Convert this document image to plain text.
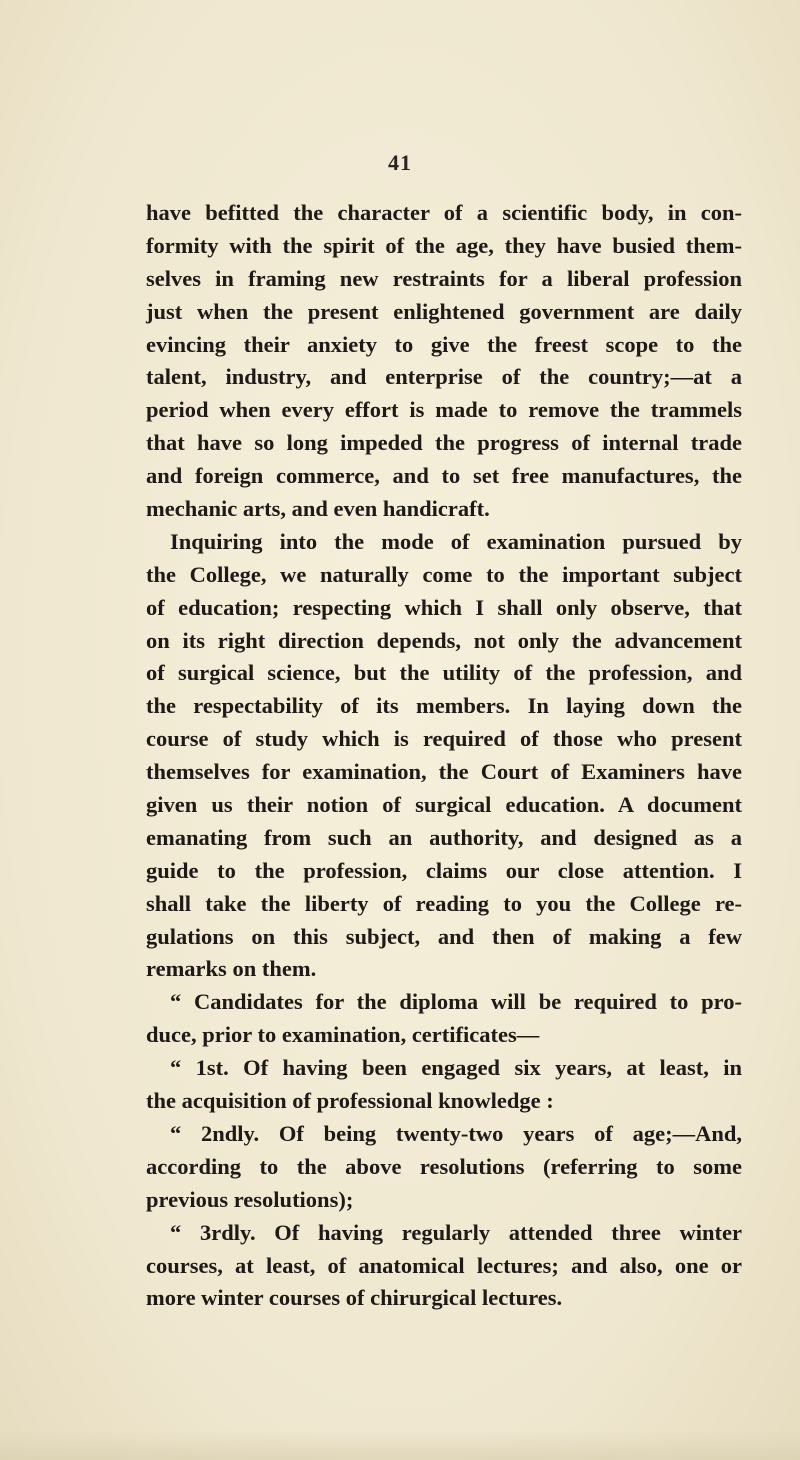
41
have befitted the character of a scientific body, in con-
formity with the spirit of the age, they have busied them-
selves in framing new restraints for a liberal profession
just when the present enlightened government are daily
evincing their anxiety to give the freest scope to the
talent, industry, and enterprise of the country;—at a
period when every effort is made to remove the trammels
that have so long impeded the progress of internal trade
and foreign commerce, and to set free manufactures, the
mechanic arts, and even handicraft.
Inquiring into the mode of examination pursued by
the College, we naturally come to the important subject
of education; respecting which I shall only observe, that
on its right direction depends, not only the advancement
of surgical science, but the utility of the profession, and
the respectability of its members. In laying down the
course of study which is required of those who present
themselves for examination, the Court of Examiners have
given us their notion of surgical education. A document
emanating from such an authority, and designed as a
guide to the profession, claims our close attention. I
shall take the liberty of reading to you the College re-
gulations on this subject, and then of making a few
remarks on them.
“ Candidates for the diploma will be required to pro-
duce, prior to examination, certificates—
“ 1st. Of having been engaged six years, at least, in
the acquisition of professional knowledge :
“ 2ndly. Of being twenty-two years of age;—And,
according to the above resolutions (referring to some
previous resolutions);
“ 3rdly. Of having regularly attended three winter
courses, at least, of anatomical lectures; and also, one or
more winter courses of chirurgical lectures.
